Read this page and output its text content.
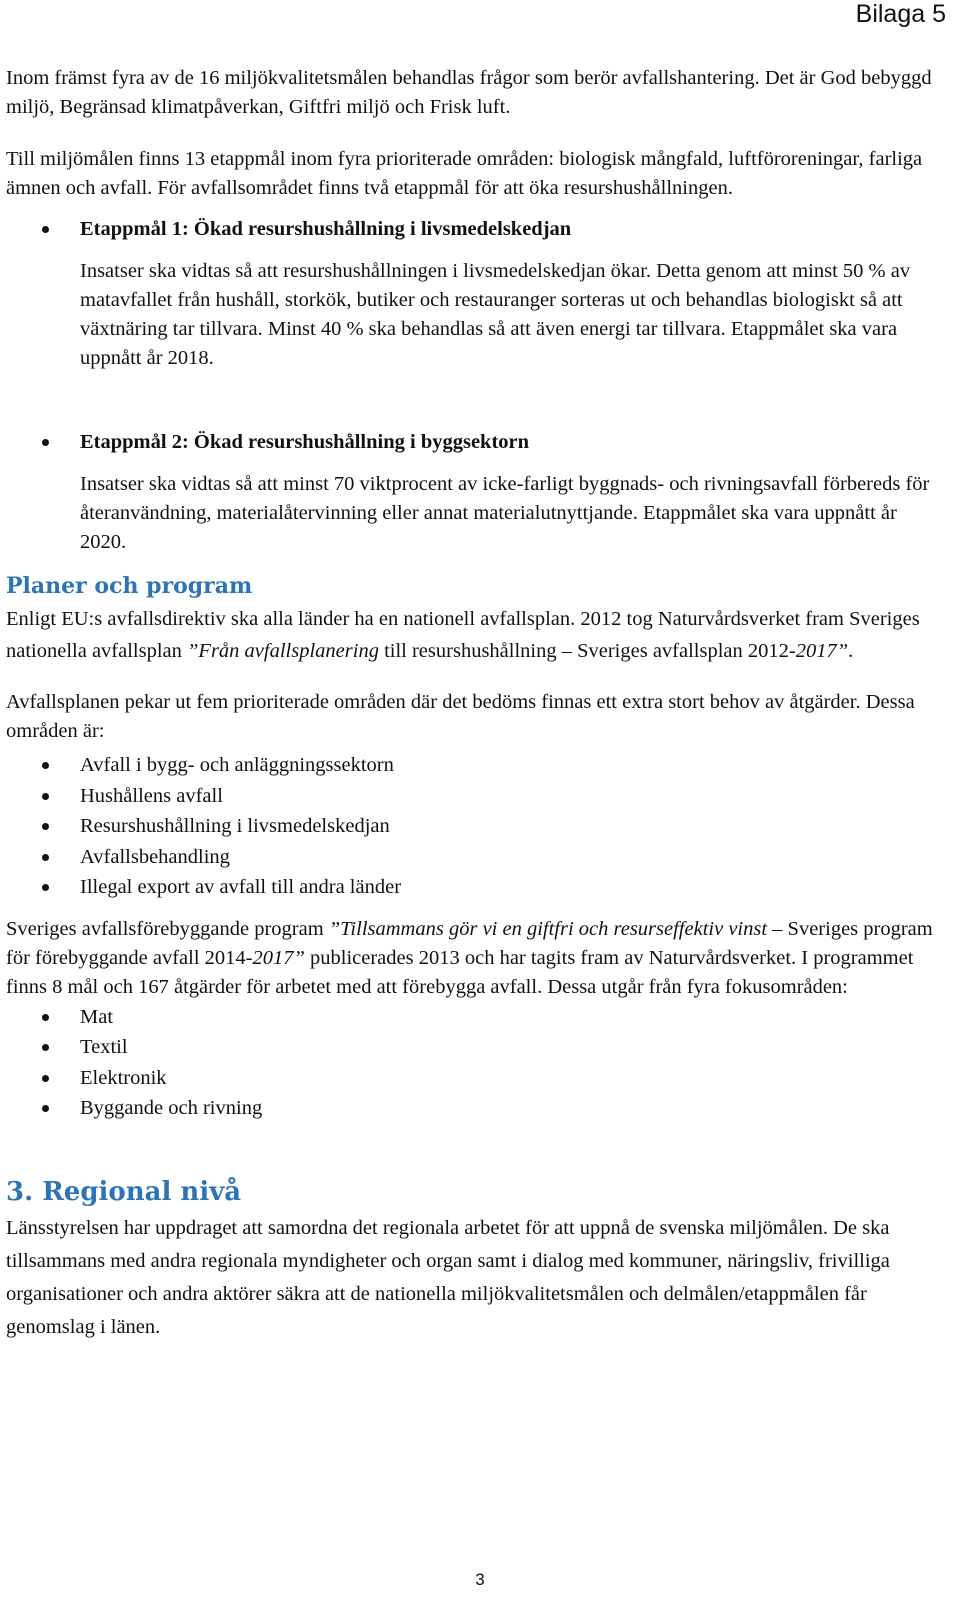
Bilaga 5

Inom främst fyra av de 16 miljökvalitetsmålen behandlas frågor som berör avfallshantering. Det är God bebyggd miljö, Begränsad klimatpåverkan, Giftfri miljö och Frisk luft.

Till miljömålen finns 13 etappmål inom fyra prioriterade områden: biologisk mångfald, luftföroreningar, farliga ämnen och avfall. För avfallsområdet finns två etappmål för att öka resurshushållningen.

Etappmål 1: Ökad resurshushållning i livsmedelskedjan
Insatser ska vidtas så att resurshushållningen i livsmedelskedjan ökar. Detta genom att minst 50 % av matavfallet från hushåll, storkök, butiker och restauranger sorteras ut och behandlas biologiskt så att växtnäring tar tillvara. Minst 40 % ska behandlas så att även energi tar tillvara. Etappmålet ska vara uppnått år 2018.
Etappmål 2: Ökad resurshushållning i byggsektorn
Insatser ska vidtas så att minst 70 viktprocent av icke-farligt byggnads- och rivningsavfall förbereds för återanvändning, materialåtervinning eller annat materialutnyttjande. Etappmålet ska vara uppnått år 2020.
Planer och program

Enligt EU:s avfallsdirektiv ska alla länder ha en nationell avfallsplan. 2012 tog Naturvårdsverket fram Sveriges nationella avfallsplan ”Från avfallsplanering till resurshushållning – Sveriges avfallsplan 2012-2017”.

Avfallsplanen pekar ut fem prioriterade områden där det bedöms finnas ett extra stort behov av åtgärder. Dessa områden är:

Avfall i bygg- och anläggningssektorn
Hushållens avfall
Resurshushållning i livsmedelskedjan
Avfallsbehandling
Illegal export av avfall till andra länder

Sveriges avfallsförebyggande program ”Tillsammans gör vi en giftfri och resurseffektiv vinst – Sveriges program för förebyggande avfall 2014-2017” publicerades 2013 och har tagits fram av Naturvårdsverket. I programmet finns 8 mål och 167 åtgärder för arbetet med att förebygga avfall. Dessa utgår från fyra fokusområden:

Mat
Textil
Elektronik
Byggande och rivning
3. Regional nivå

Länsstyrelsen har uppdraget att samordna det regionala arbetet för att uppnå de svenska miljömålen. De ska tillsammans med andra regionala myndigheter och organ samt i dialog med kommuner, näringsliv, frivilliga organisationer och andra aktörer säkra att de nationella miljökvalitetsmålen och delmålen/etappmålen får genomslag i länen.

3
